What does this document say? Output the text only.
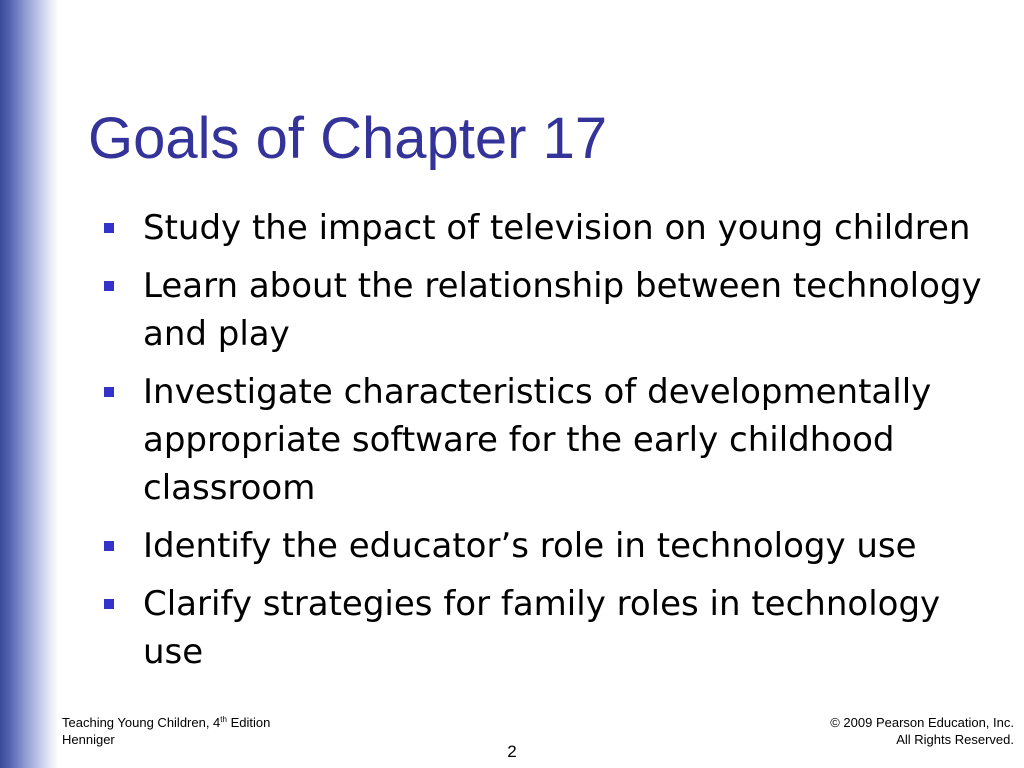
Goals of Chapter 17
Study the impact of television on young children
Learn about the relationship between technology and play
Investigate characteristics of developmentally appropriate software for the early childhood classroom
Identify the educator’s role in technology use
Clarify strategies for family roles in technology use
Teaching Young Children, 4th Edition
Henniger
© 2009 Pearson Education, Inc.
All Rights Reserved.
2
